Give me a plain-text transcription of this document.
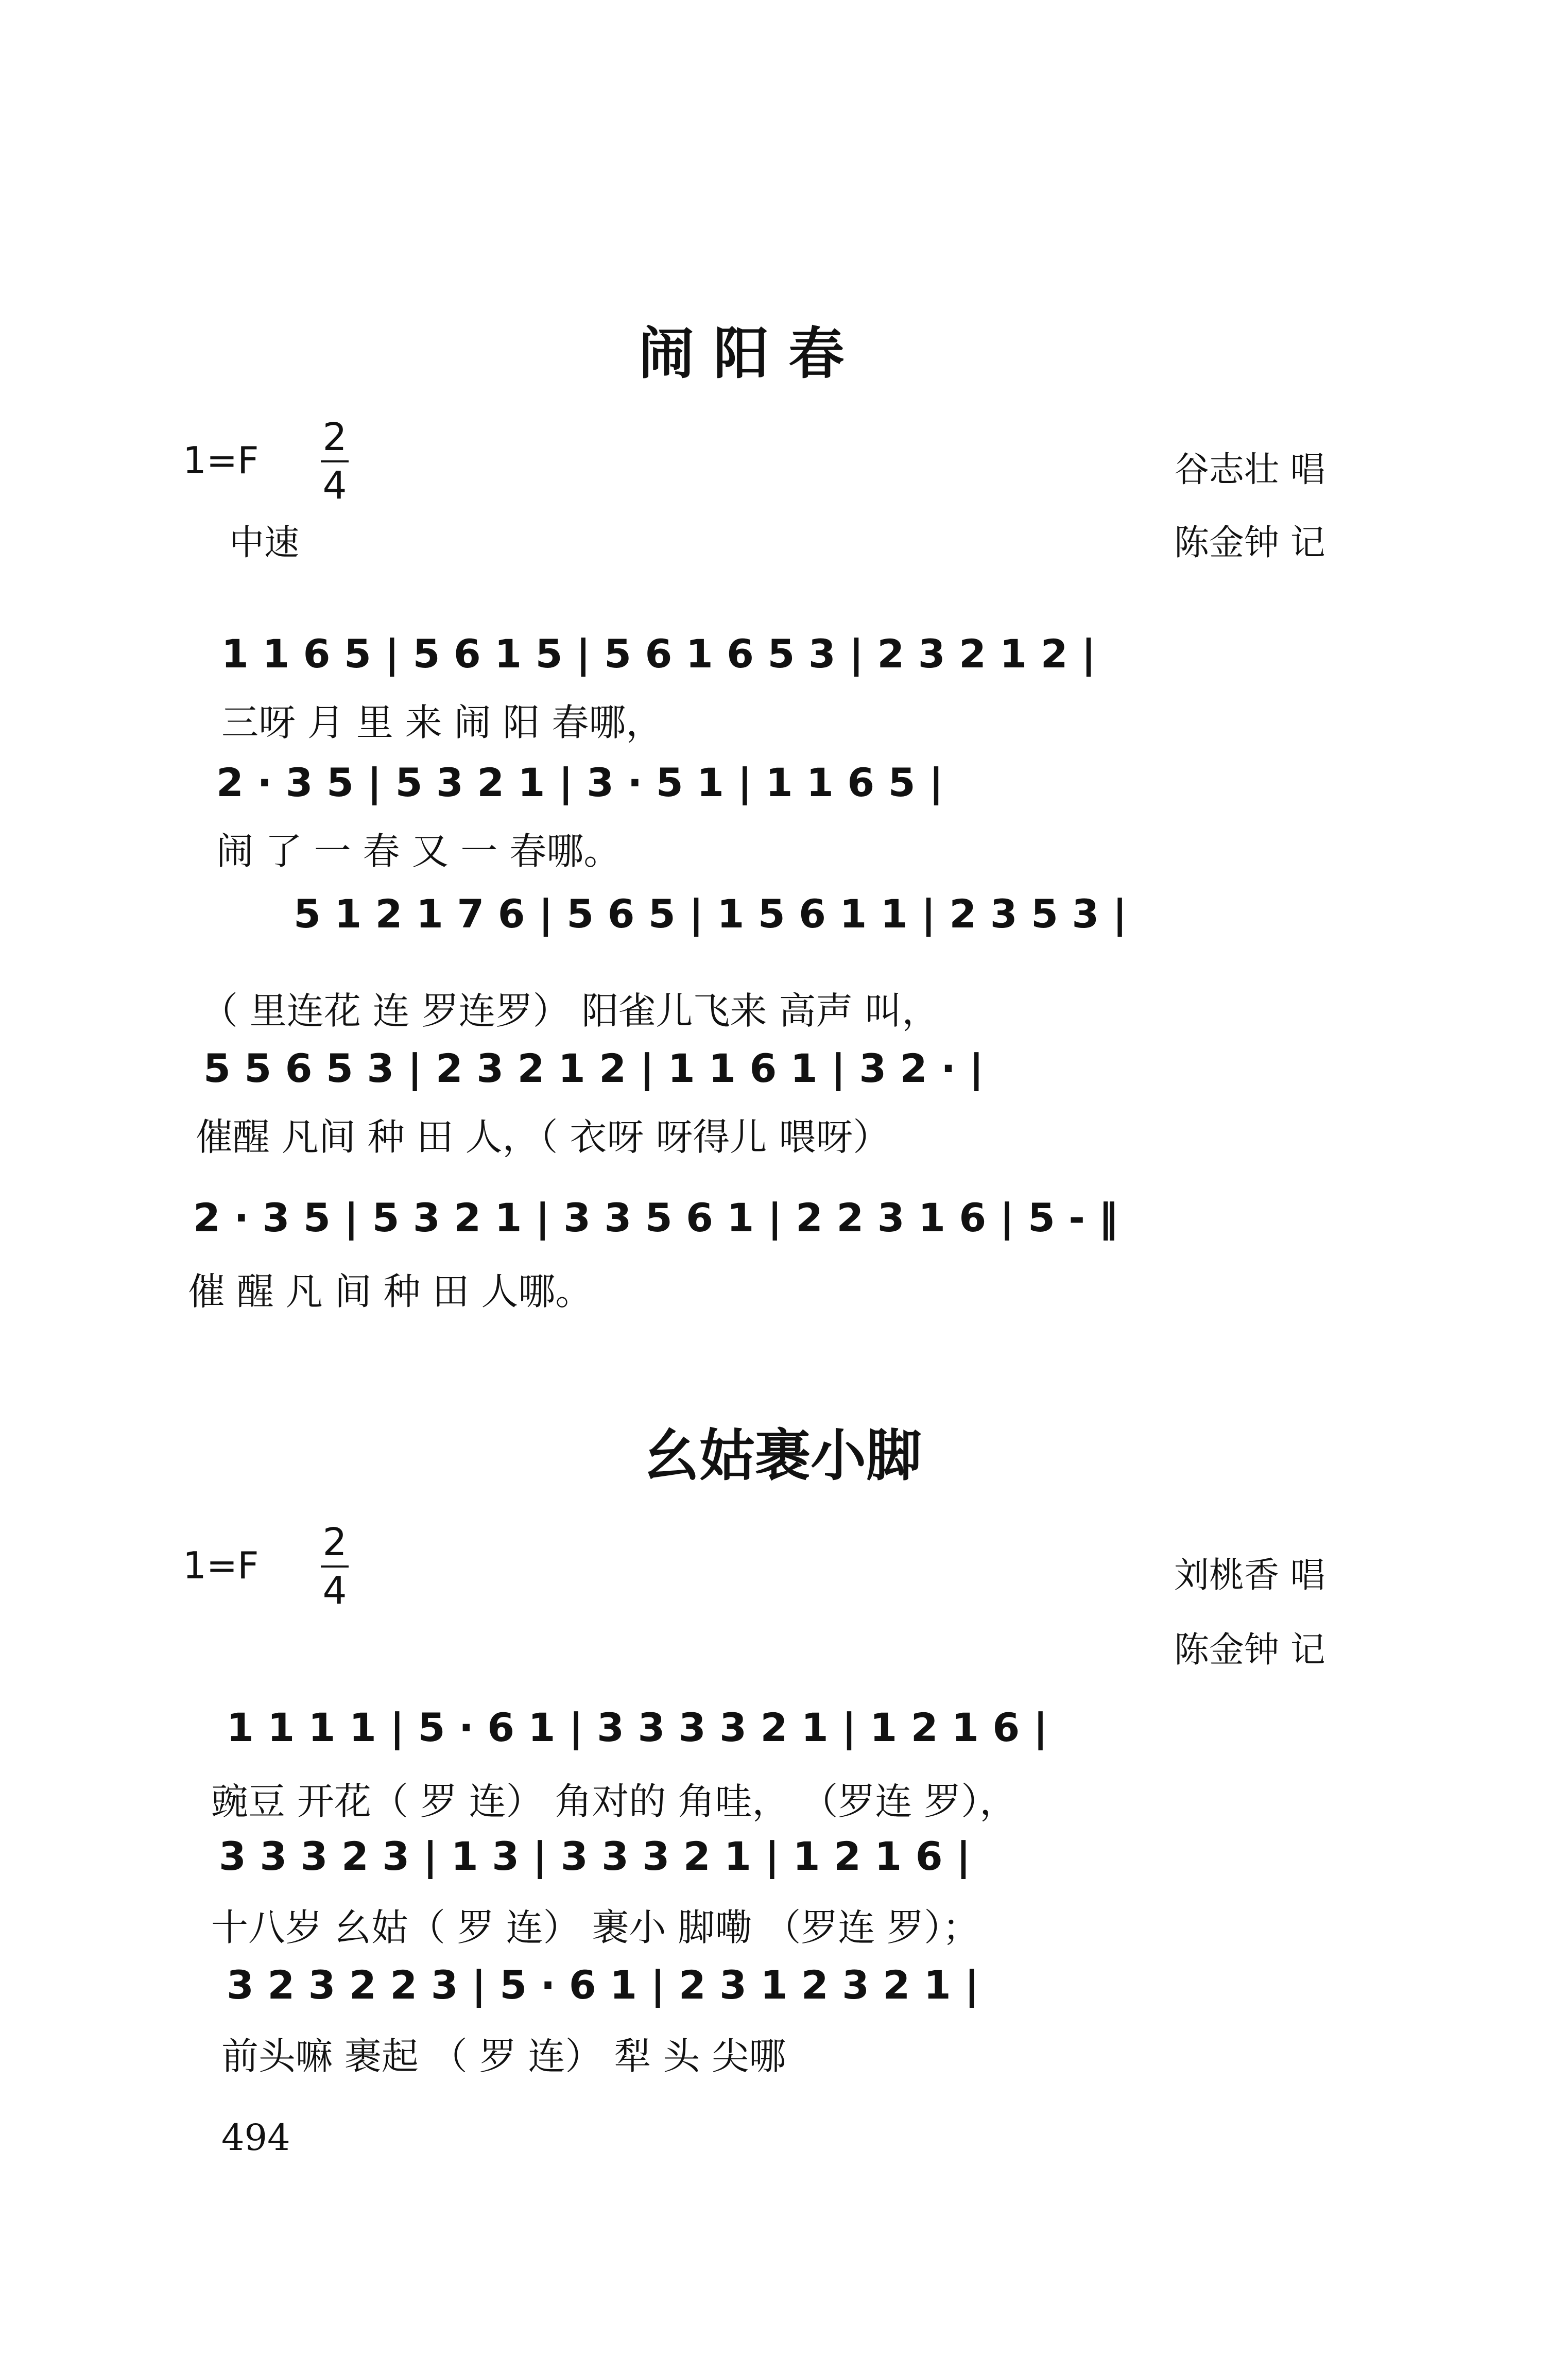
闹 阳 春
1=F
2
4
中速
谷志壮 唱
陈金钟 记
1 1 6 5 | 5 6 1 5 | 5 6 1 6 5 3 | 2 3 2 1 2 |
三呀 月 里 来 闹 阳 春哪，
2 · 3 5 | 5 3 2 1 | 3 · 5 1 | 1 1 6 5 |
闹 了 一 春 又 一 春哪。
5 1 2 1 7 6 | 5 6 5 | 1 5 6 1 1 | 2 3 5 3 |
（ 里连花 连 罗连罗） 阳雀儿飞来 高声 叫，
5 5 6 5 3 | 2 3 2 1 2 | 1 1 6 1 | 3 2 · |
催醒 凡间 种 田 人，（ 衣呀 呀得儿 喂呀）
2 · 3 5 | 5 3 2 1 | 3 3 5 6 1 | 2 2 3 1 6 | 5 - ‖
催 醒 凡 间 种 田 人哪。
幺姑裹小脚
1=F
2
4	刘桃香 唱
陈金钟 记
1 1 1 1 | 5 · 6 1 | 3 3 3 3 2 1 | 1 2 1 6 |
豌豆 开花（ 罗 连） 角对的 角哇， （罗连 罗），
3 3 3 2 3 | 1 3 | 3 3 3 2 1 | 1 2 1 6 |
十八岁 幺姑（ 罗 连） 裹小 脚嘞 （罗连 罗）；
3 2 3 2 2 3 | 5 · 6 1 | 2 3 1 2 3 2 1 |
前头嘛 裹起 （ 罗 连） 犁 头 尖哪
494
